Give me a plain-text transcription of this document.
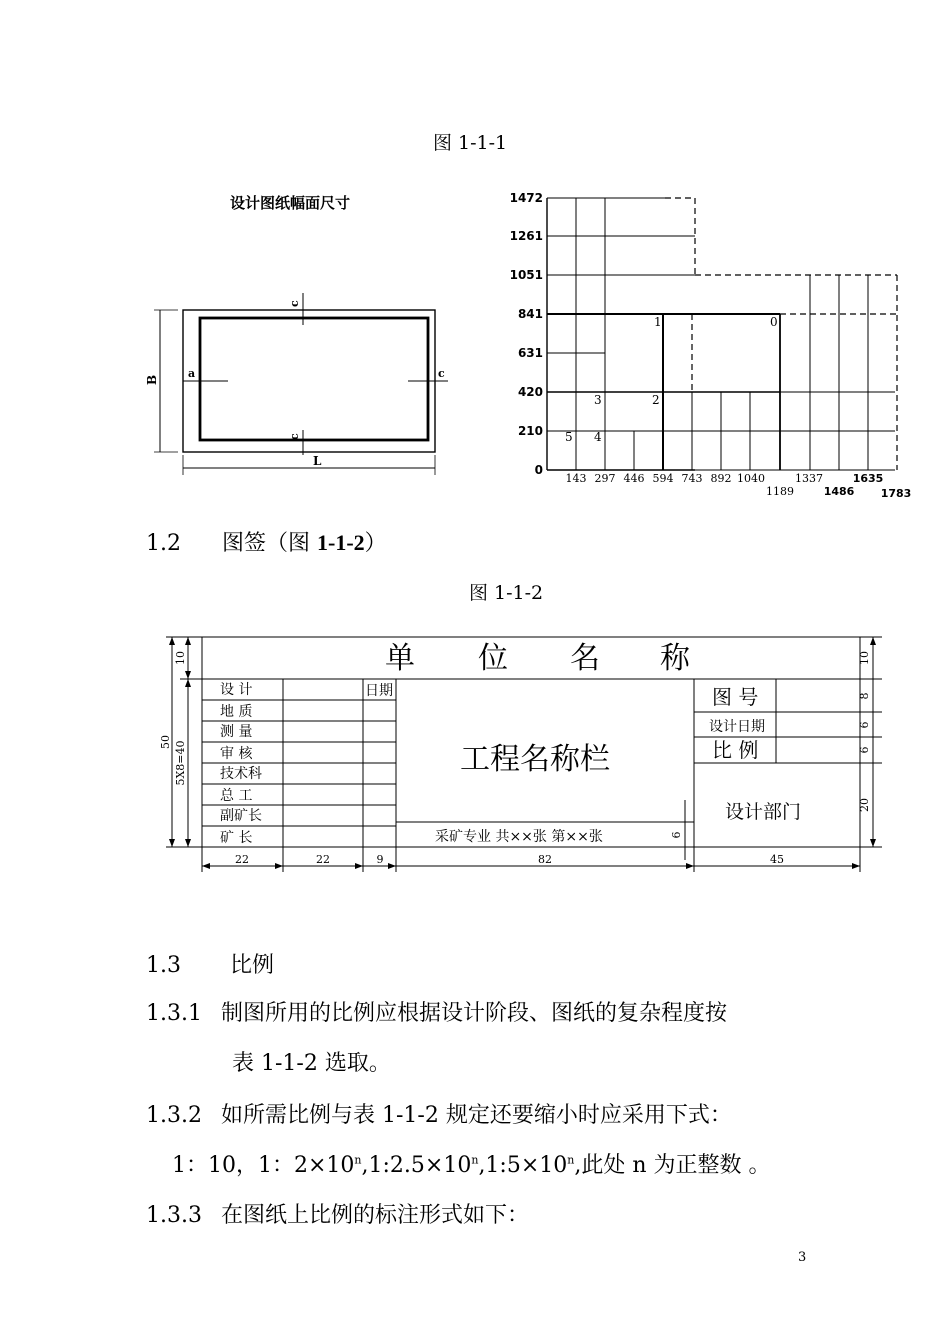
图 1-1-1
设计图纸幅面尺寸
B
L
a	c
c
c
1472
1261
1051
841
631
420
210
0
143 297 446 594 743 892 1040
1189
1337
1486
1635
1783
0
1
2
3
4
5
1.2 图签（图 1-1-2）
图 1-1-2
单 位 名 称
设 计
地 质
测 量
审 核
技术科
总 工
副矿长
矿 长
日期
工程名称栏
采矿专业 共××张 第××张
图 号
设计日期
比 例
设计部门
22	22	9	82	45
10
50 5X8=40
10
8
6
6
20
6
1.3 比例
1.3.1 制图所用的比例应根据设计阶段、图纸的复杂程度按
表 1-1-2 选取。
1.3.2 如所需比例与表 1-1-2 规定还要缩小时应采用下式：
1：10，1：$2\times 10^n,1:2.5\times 10^n,1:5\times 10^n$,此处 n 为正整数 。
1.3.3 在图纸上比例的标注形式如下：
3
